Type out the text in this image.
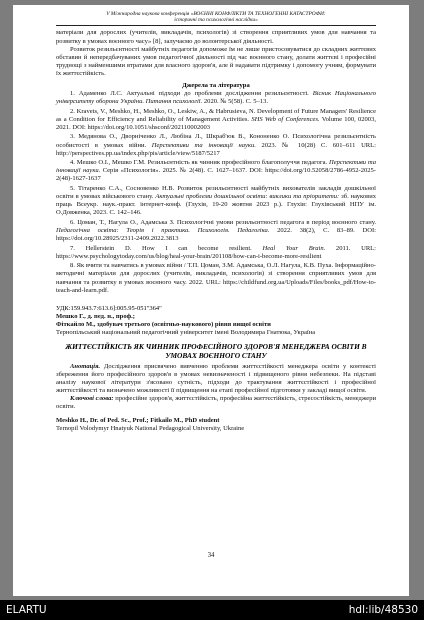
V Міжнародна наукова конференція «ВОЄННІ КОНФЛІКТИ ТА ТЕХНОГЕННІ КАТАСТРОФИ:
історичні та психологічні наслідки»

матеріали для дорослих (учителів, викладачів, психологів) зі створення сприятливих умов для навчання та розвитку в умовах воєнного часу» [8], залучаємо до волонтерської діяльності.

Розвиток резильєнтності майбутніх педагогів допоможе їм не лише пристосовуватися до складних життєвих обставин й непередбачуваних умов педагогічної діяльності під час воєнного стану, долати життєві і професійні труднощі з найменшими втратами для власного здоров'я, але й надавати підтримку і допомогу учням, формувати їх життєстійкість.

Джерела та література

1. Адаменко Л.С. Актуальні підходи до проблеми дослідження резильєнтності. Вісник Національного університету оборони України. Питання психології. 2020. № 5(58). С. 5–13.

2. Kravets, V., Meshko, H., Meshko, O., Leskiw, A., & Habrusieva, N. Development of Future Managers' Resilience as a Condition for Efficiency and Reliability of Management Activities. SHS Web of Conferences. Volume 100, 02003, 2021. DOI: https://doi.org/10.1051/shsconf/202110002003

3. Медянова О., Дворніченко Л., Любіна Л., Шкраб'юк В., Кононенко О. Психологічна резильєнтність особистості в умовах війни. Перспективи та інновації науки. 2023. № 10(28) С. 601–611 URL: http://perspectives.pp.ua/index.php/pis/article/view/5187/5217

4. Мешко О.І., Мешко Г.М. Резильєнтність як чинник професійного благополуччя педагога. Перспективи та інновації науки. Серія «Психологія». 2025. № 2(48). С. 1627–1637. DOI: https://doi.org/10.52058/2786-4952-2025-2(48)-1627-1637

5. Тітаренко С.А., Сосновенко Н.В. Розвиток резильєнтності майбутніх вихователів закладів дошкільної освіти в умовах військового стану. Актуальні проблеми дошкільної освіти: виклики та пріоритети: зб. наукових праць Всеукр. наук.-практ. інтернет-конф. (Глухів, 19-20 жовтня 2023 р.). Глухів: Глухівський НПУ ім. О.Довженка, 2023. С. 142–146.

6. Цоман, Т., Нагула О., Адамська З. Психологічні умови резильєнтності педагога в період воєнного стану. Педагогічна освіта: Теорія і практика. Психологія. Педагогіка. 2022. 38(2), С. 83–89. DOI: https://doi.org/10.28925/2311-2409.2022.3813

7. Hellerstein D. How I can become resilient. Heal Your Brain. 2011. URL: https://www.psychologytoday.com/us/blog/heal-your-brain/201108/how-can-i-become-more-resilient

8. Як вчити та навчатись в умовах війни / Т.П. Цоман, З.М. Адамська, О.Л. Нагула, К.В. Пуха. Інформаційно-методичні матеріали для дорослих (учителів, викладачів, психологів) зі створення сприятливих умов для навчання та розвитку в умовах воєнного часу. 2022. URL: https://childfund.org.ua/Uploads/Files/books_pdf/How-to-teach-and-learn.pdf.

УДК:159.943.7:613.6]:005.95-051"364"

Мешко Г., д. пед. н., проф.;

Фіткайло М., здобувач третього (освітньо-наукового) рівня вищої освіти

Тернопільський національний педагогічний університет імені Володимира Гнатюка, Україна

ЖИТТЄСТІЙКІСТЬ ЯК ЧИННИК ПРОФЕСІЙНОГО ЗДОРОВ'Я МЕНЕДЖЕРА ОСВІТИ В УМОВАХ ВОЄННОГО СТАНУ

Анотація. Дослідження присвячено вивченню проблеми життєстійкості менеджера освіти у контексті збереження його професійного здоров'я в умовах невизначеності і підвищеного рівня небезпеки. На підставі аналізу наукової літератури з'ясовано сутність, підходи до трактування життєстійкості і професійної життєстійкості та визначено можливості її підвищення на етапі професійної підготовки у закладі вищої освіти.

Ключові слова: професійне здоров'я, життєстійкість, професійна життєстійкість, стресостійкість, менеджери освіти.

Meshko H., Dr. of Ped. Sc., Prof.; Fitkailo M., PhD student

Ternopil Volodymyr Hnatyuk National Pedagogical University, Ukraine

34
ELARTU	hdl:lib/48530
